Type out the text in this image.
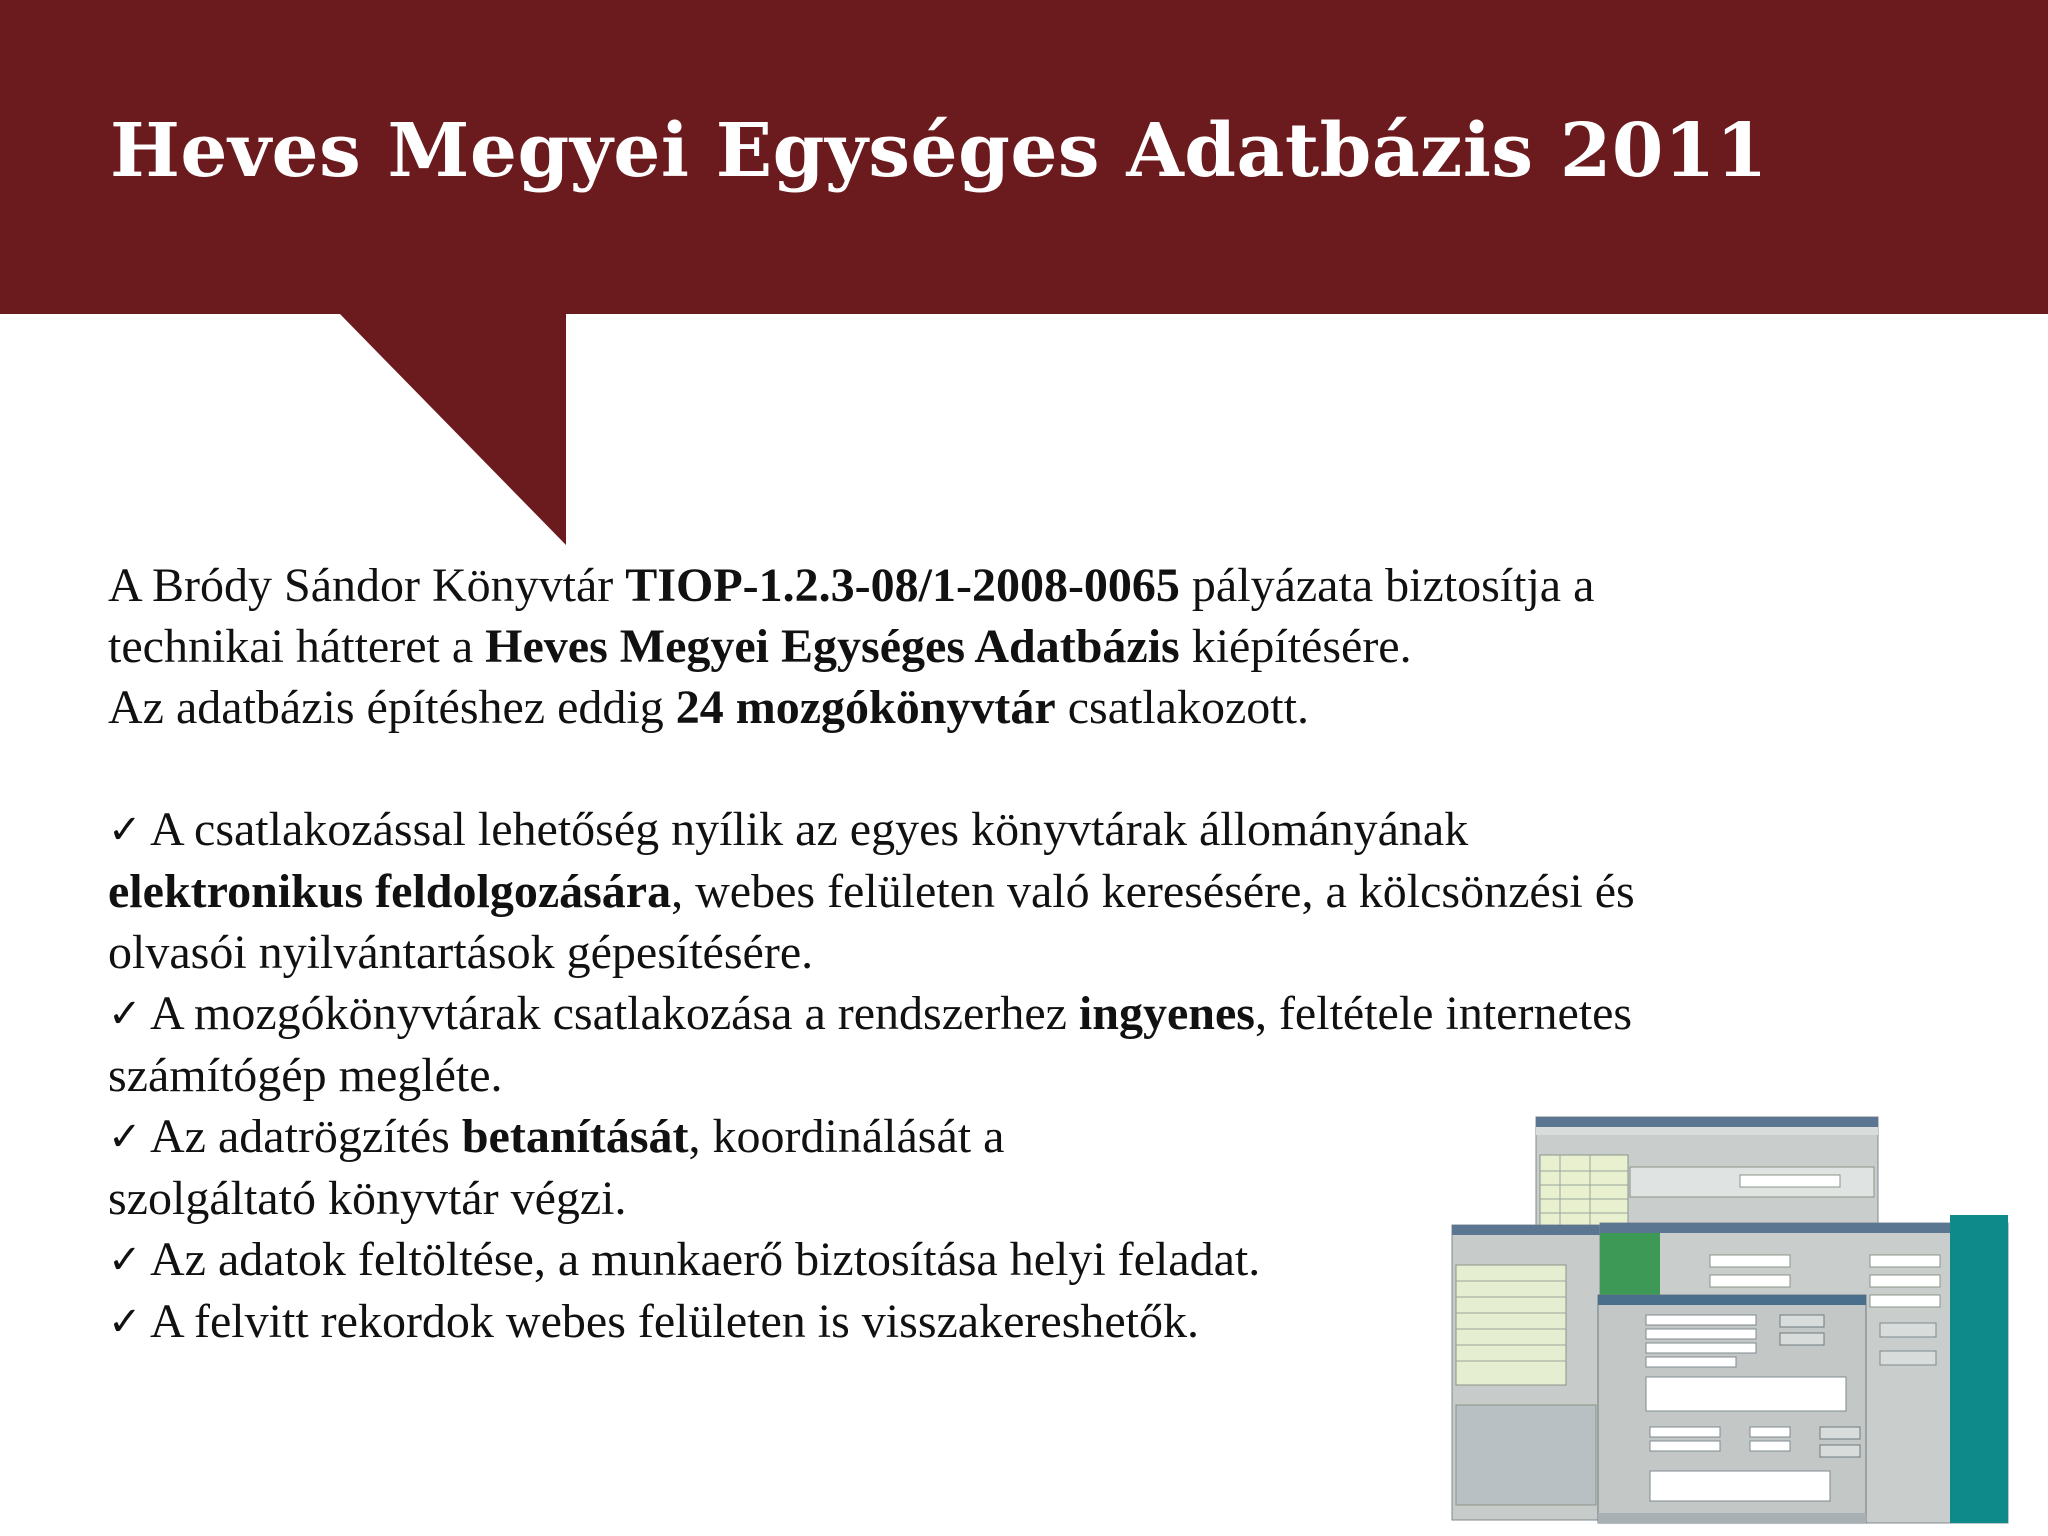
Heves Megyei Egységes Adatbázis 2011

A Bródy Sándor Könyvtár TIOP-1.2.3-08/1-2008-0065 pályázata biztosítja a

technikai hátteret a Heves Megyei Egységes Adatbázis kiépítésére.

Az adatbázis építéshez eddig 24 mozgókönyvtár csatlakozott.

✓ A csatlakozással lehetőség nyílik az egyes könyvtárak állományának

elektronikus feldolgozására, webes felületen való keresésére, a kölcsönzési és

olvasói nyilvántartások gépesítésére.

✓ A mozgókönyvtárak csatlakozása a rendszerhez ingyenes, feltétele internetes

számítógép megléte.

✓ Az adatrögzítés betanítását, koordinálását a

szolgáltató könyvtár végzi.

✓ Az adatok feltöltése, a munkaerő biztosítása helyi feladat.

✓ A felvitt rekordok webes felületen is visszakereshetők.
